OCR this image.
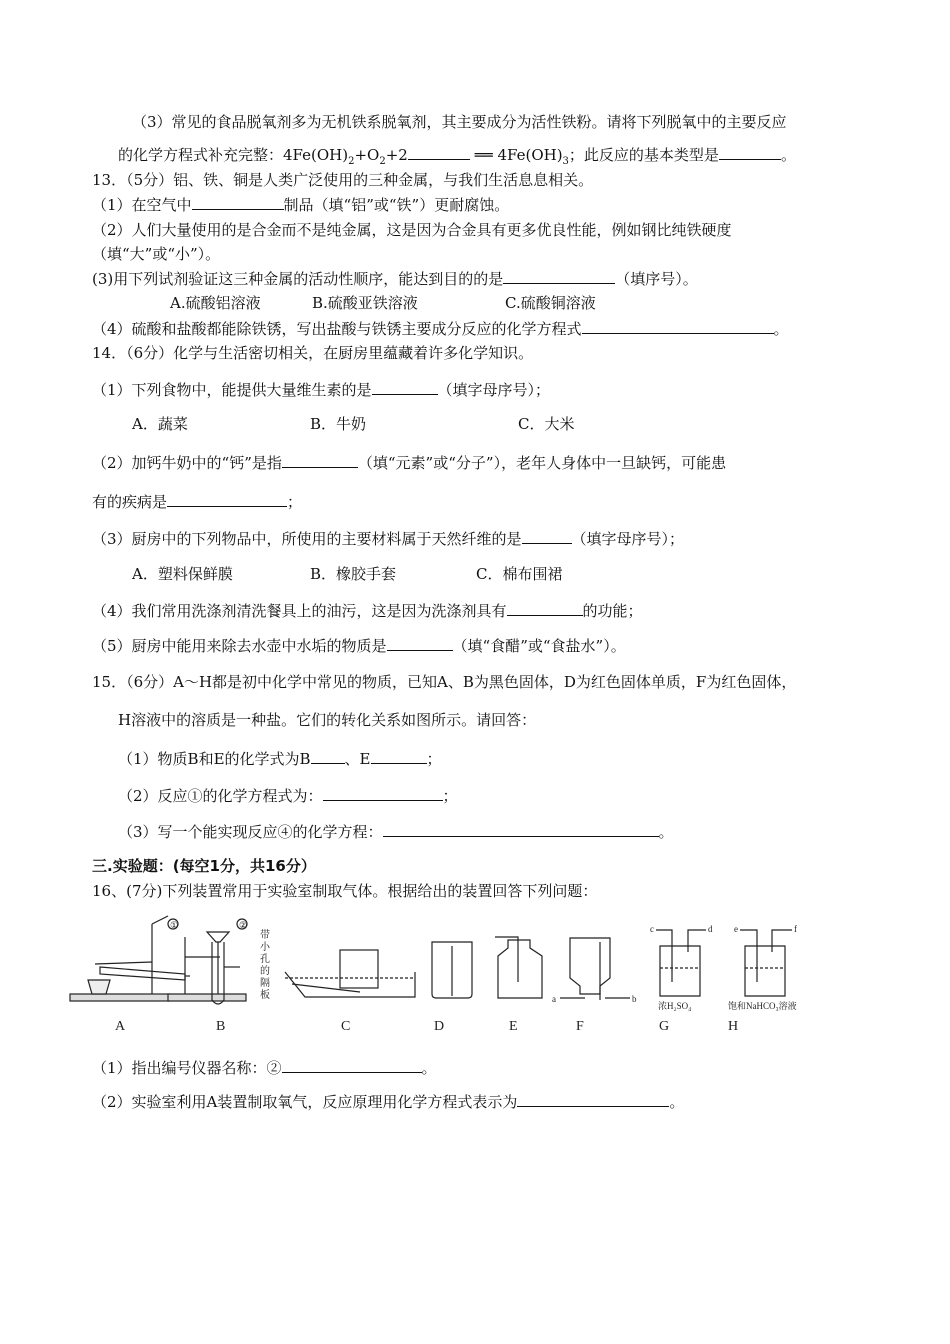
（3）常见的食品脱氧剂多为无机铁系脱氧剂，其主要成分为活性铁粉。请将下列脱氧中的主要反应
的化学方程式补充完整：$4Fe(OH)_2+O_2+2$	══ $4Fe(OH)_3$；此反应的基本类型是	。
13．（5分）铝、铁、铜是人类广泛使用的三种金属，与我们生活息息相关。
（1）在空气中	制品（填“铝”或“铁”）更耐腐蚀。
（2）人们大量使用的是合金而不是纯金属，这是因为合金具有更多优良性能，例如钢比纯铁硬度
（填“大”或“小”）。
(3)用下列试剂验证这三种金属的活动性顺序，能达到目的的是	（填序号）。
A.硫酸铝溶液	B.硫酸亚铁溶液	C.硫酸铜溶液
（4）硫酸和盐酸都能除铁锈，写出盐酸与铁锈主要成分反应的化学方程式	。
14．（6分）化学与生活密切相关，在厨房里蕴藏着许多化学知识。
（1）下列食物中，能提供大量维生素的是	（填字母序号）；
A．蔬菜	B．牛奶	C．大米
（2）加钙牛奶中的“钙”是指	（填“元素”或“分子”），老年人身体中一旦缺钙，可能患
有的疾病是	；
（3）厨房中的下列物品中，所使用的主要材料属于天然纤维的是	（填字母序号）；
A．塑料保鲜膜	B．橡胶手套	C．棉布围裙
（4）我们常用洗涤剂清洗餐具上的油污，这是因为洗涤剂具有	的功能；
（5）厨房中能用来除去水壶中水垢的物质是	（填“食醋”或“食盐水”）。
15．（6分）A～H都是初中化学中常见的物质，已知A、B为黑色固体，D为红色固体单质，F为红色固体，
H溶液中的溶质是一种盐。它们的转化关系如图所示。请回答：
（1）物质B和E的化学式为B 、E	；
（2）反应①的化学方程式为：	；
（3）写一个能实现反应④的化学方程：	。
三.实验题：(每空1分，共16分）
16、(7分)下列装置常用于实验室制取气体。根据给出的装置回答下列问题：
①	②
带
小
孔
的
隔
板	a	b
c	d
浓H₂SO₄
e	f
饱和NaHCO₃溶液
A	B	C	D	E	F	G	H
（1）指出编号仪器名称：②	。
（2）实验室利用A装置制取氧气，反应原理用化学方程式表示为	。
